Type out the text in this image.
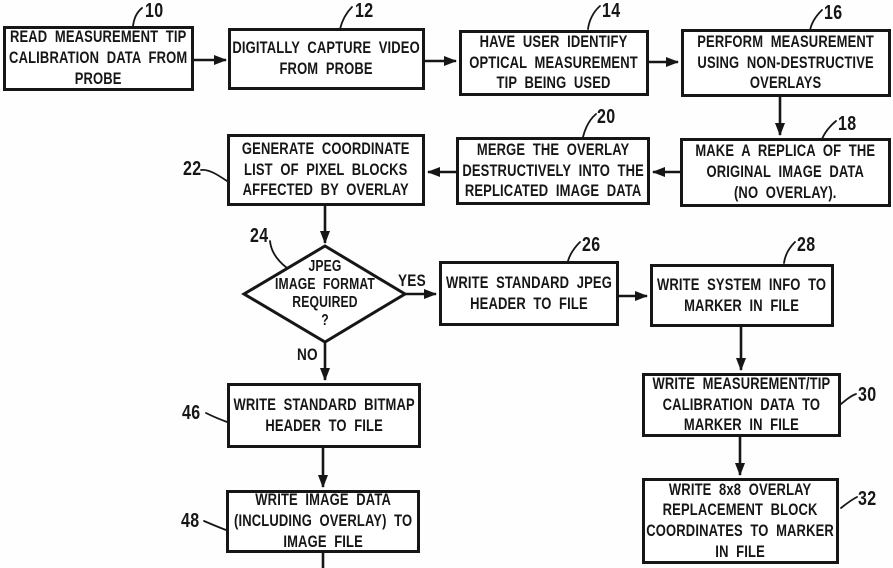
READ MEASUREMENT TIP
CALIBRATION DATA FROM
PROBE
DIGITALLY CAPTURE VIDEO
FROM PROBE
HAVE USER IDENTIFY
OPTICAL MEASUREMENT
TIP BEING USED
PERFORM MEASUREMENT
USING NON-DESTRUCTIVE
OVERLAYS
MAKE A REPLICA OF THE
ORIGINAL IMAGE DATA
(NO OVERLAY).
MERGE THE OVERLAY
DESTRUCTIVELY INTO THE
REPLICATED IMAGE DATA
GENERATE COORDINATE
LIST OF PIXEL BLOCKS
AFFECTED BY OVERLAY
JPEG
IMAGE FORMAT
REQUIRED
?
WRITE STANDARD JPEG
HEADER TO FILE
WRITE SYSTEM INFO TO
MARKER IN FILE
WRITE MEASUREMENT/TIP
CALIBRATION DATA TO
MARKER IN FILE
WRITE 8x8 OVERLAY
REPLACEMENT BLOCK
COORDINATES TO MARKER
IN FILE
WRITE STANDARD BITMAP
HEADER TO FILE
WRITE IMAGE DATA
(INCLUDING OVERLAY) TO
IMAGE FILE
10	12	14	16
18
20
22
24	26	28
30
32
46
48
YES
NO
